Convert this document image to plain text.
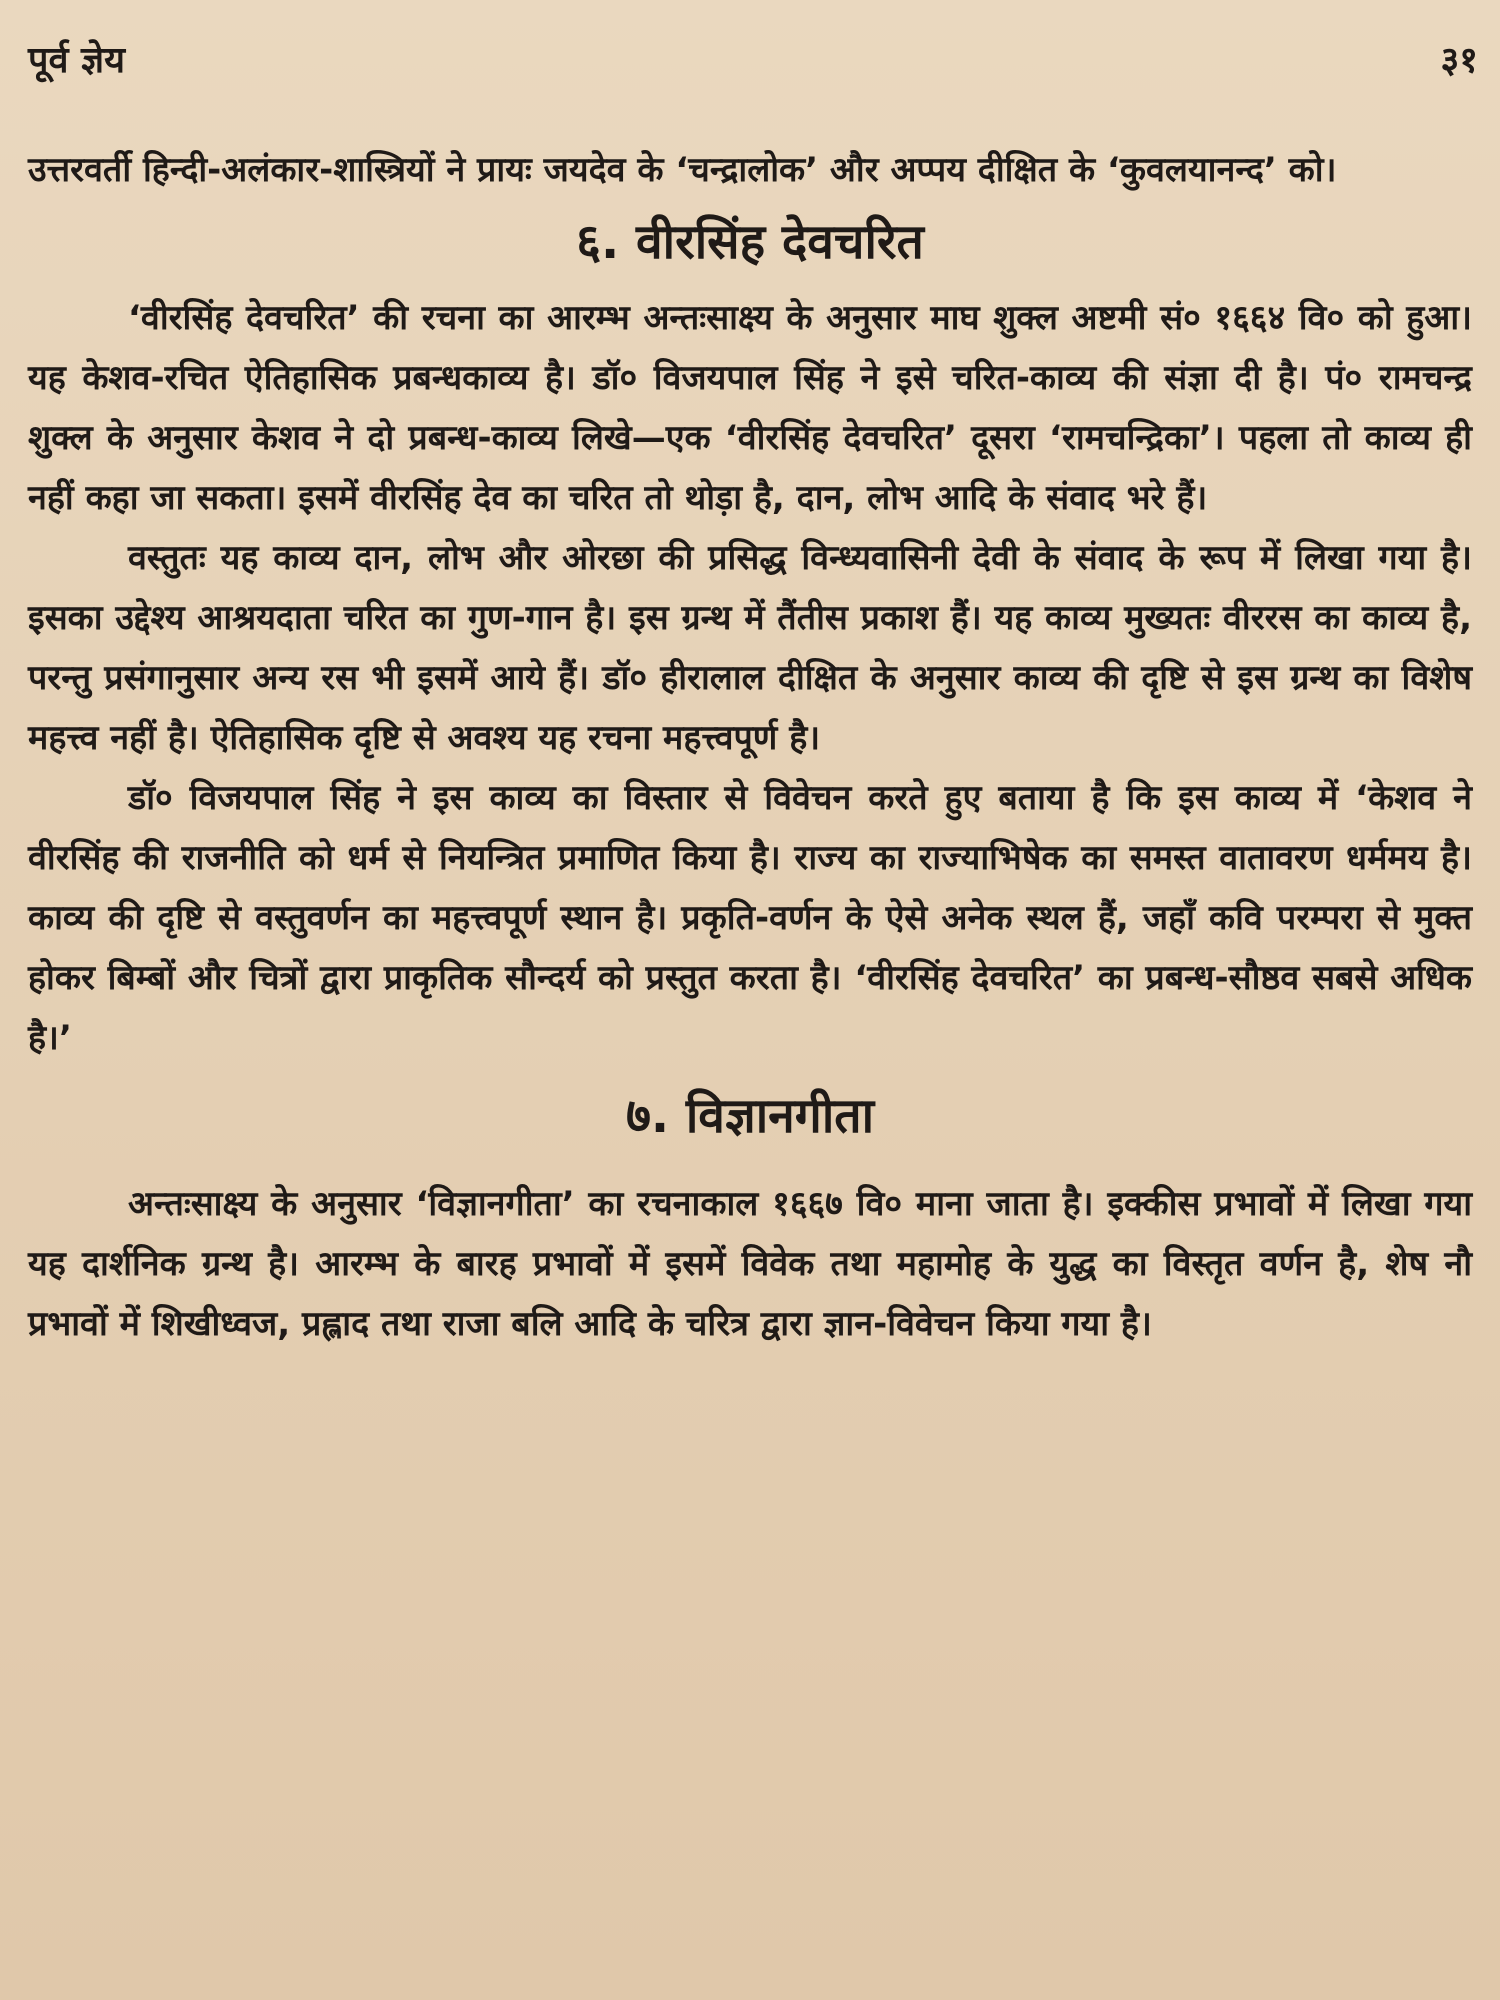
पूर्व ज्ञेय	३१

उत्तरवर्ती हिन्दी-अलंकार-शास्त्रियों ने प्रायः जयदेव के ‘चन्द्रालोक’ और अप्पय दीक्षित के ‘कुवलयानन्द’ को।

६. वीरसिंह देवचरित

‘वीरसिंह देवचरित’ की रचना का आरम्भ अन्तःसाक्ष्य के अनुसार माघ शुक्ल अष्टमी सं० १६६४ वि० को हुआ। यह केशव-रचित ऐतिहासिक प्रबन्धकाव्य है। डॉ० विजयपाल सिंह ने इसे चरित-काव्य की संज्ञा दी है। पं० रामचन्द्र शुक्ल के अनुसार केशव ने दो प्रबन्ध-काव्य लिखे—एक ‘वीरसिंह देवचरित’ दूसरा ‘रामचन्द्रिका’। पहला तो काव्य ही नहीं कहा जा सकता। इसमें वीरसिंह देव का चरित तो थोड़ा है, दान, लोभ आदि के संवाद भरे हैं।

वस्तुतः यह काव्य दान, लोभ और ओरछा की प्रसिद्ध विन्ध्यवासिनी देवी के संवाद के रूप में लिखा गया है। इसका उद्देश्य आश्रयदाता चरित का गुण-गान है। इस ग्रन्थ में तैंतीस प्रकाश हैं। यह काव्य मुख्यतः वीररस का काव्य है, परन्तु प्रसंगानुसार अन्य रस भी इसमें आये हैं। डॉ० हीरालाल दीक्षित के अनुसार काव्य की दृष्टि से इस ग्रन्थ का विशेष महत्त्व नहीं है। ऐतिहासिक दृष्टि से अवश्य यह रचना महत्त्वपूर्ण है।

डॉ० विजयपाल सिंह ने इस काव्य का विस्तार से विवेचन करते हुए बताया है कि इस काव्य में ‘केशव ने वीरसिंह की राजनीति को धर्म से नियन्त्रित प्रमाणित किया है। राज्य का राज्याभिषेक का समस्त वातावरण धर्ममय है। काव्य की दृष्टि से वस्तुवर्णन का महत्त्वपूर्ण स्थान है। प्रकृति-वर्णन के ऐसे अनेक स्थल हैं, जहाँ कवि परम्परा से मुक्त होकर बिम्बों और चित्रों द्वारा प्राकृतिक सौन्दर्य को प्रस्तुत करता है। ‘वीरसिंह देवचरित’ का प्रबन्ध-सौष्ठव सबसे अधिक है।’

७. विज्ञानगीता

अन्तःसाक्ष्य के अनुसार ‘विज्ञानगीता’ का रचनाकाल १६६७ वि० माना जाता है। इक्कीस प्रभावों में लिखा गया यह दार्शनिक ग्रन्थ है। आरम्भ के बारह प्रभावों में इसमें विवेक तथा महामोह के युद्ध का विस्तृत वर्णन है, शेष नौ प्रभावों में शिखीध्वज, प्रह्लाद तथा राजा बलि आदि के चरित्र द्वारा ज्ञान-विवेचन किया गया है।
